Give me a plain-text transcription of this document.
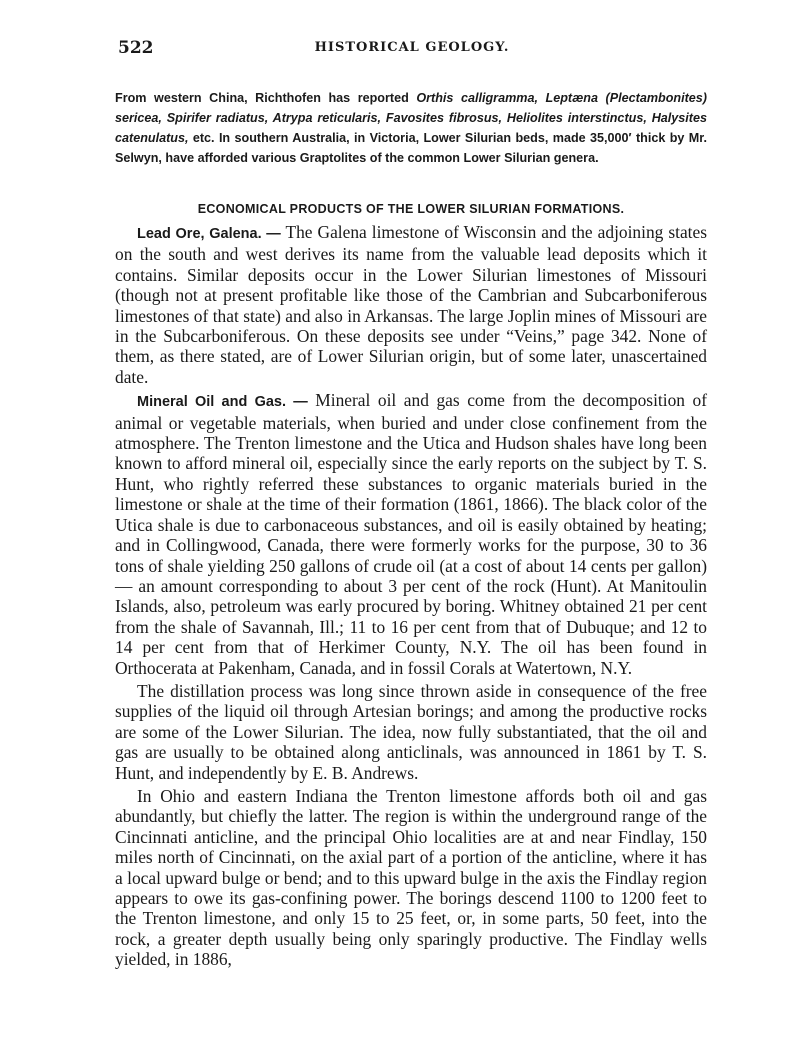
522	HISTORICAL GEOLOGY.
From western China, Richthofen has reported Orthis calligramma, Leptæna (Plectambonites) sericea, Spirifer radiatus, Atrypa reticularis, Favosites fibrosus, Heliolites interstinctus, Halysites catenulatus, etc. In southern Australia, in Victoria, Lower Silurian beds, made 35,000′ thick by Mr. Selwyn, have afforded various Graptolites of the common Lower Silurian genera.
ECONOMICAL PRODUCTS OF THE LOWER SILURIAN FORMATIONS.

Lead Ore, Galena. — The Galena limestone of Wisconsin and the adjoining states on the south and west derives its name from the valuable lead deposits which it contains. Similar deposits occur in the Lower Silurian limestones of Missouri (though not at present profitable like those of the Cambrian and Subcarboniferous limestones of that state) and also in Arkansas. The large Joplin mines of Missouri are in the Subcarboniferous. On these deposits see under “Veins,” page 342. None of them, as there stated, are of Lower Silurian origin, but of some later, unascertained date.

Mineral Oil and Gas. — Mineral oil and gas come from the decomposition of animal or vegetable materials, when buried and under close confinement from the atmosphere. The Trenton limestone and the Utica and Hudson shales have long been known to afford mineral oil, especially since the early reports on the subject by T. S. Hunt, who rightly referred these substances to organic materials buried in the limestone or shale at the time of their formation (1861, 1866). The black color of the Utica shale is due to carbonaceous substances, and oil is easily obtained by heating; and in Collingwood, Canada, there were formerly works for the purpose, 30 to 36 tons of shale yielding 250 gallons of crude oil (at a cost of about 14 cents per gallon) — an amount corresponding to about 3 per cent of the rock (Hunt). At Manitoulin Islands, also, petroleum was early procured by boring. Whitney obtained 21 per cent from the shale of Savannah, Ill.; 11 to 16 per cent from that of Dubuque; and 12 to 14 per cent from that of Herkimer County, N.Y. The oil has been found in Orthocerata at Pakenham, Canada, and in fossil Corals at Watertown, N.Y.

The distillation process was long since thrown aside in consequence of the free supplies of the liquid oil through Artesian borings; and among the productive rocks are some of the Lower Silurian. The idea, now fully substantiated, that the oil and gas are usually to be obtained along anticlinals, was announced in 1861 by T. S. Hunt, and independently by E. B. Andrews.

In Ohio and eastern Indiana the Trenton limestone affords both oil and gas abundantly, but chiefly the latter. The region is within the underground range of the Cincinnati anticline, and the principal Ohio localities are at and near Findlay, 150 miles north of Cincinnati, on the axial part of a portion of the anticline, where it has a local upward bulge or bend; and to this upward bulge in the axis the Findlay region appears to owe its gas-confining power. The borings descend 1100 to 1200 feet to the Trenton limestone, and only 15 to 25 feet, or, in some parts, 50 feet, into the rock, a greater depth usually being only sparingly productive. The Findlay wells yielded, in 1886,
